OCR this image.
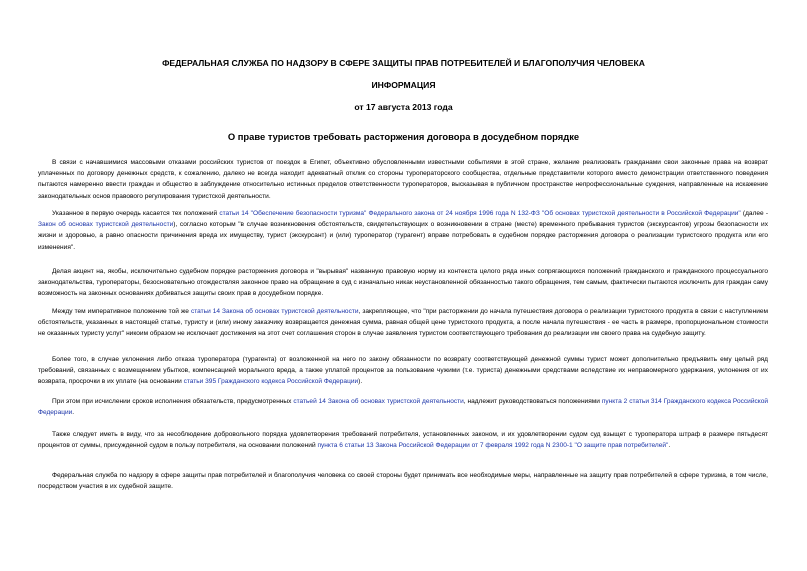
ФЕДЕРАЛЬНАЯ СЛУЖБА ПО НАДЗОРУ В СФЕРЕ ЗАЩИТЫ ПРАВ ПОТРЕБИТЕЛЕЙ И БЛАГОПОЛУЧИЯ ЧЕЛОВЕКА
ИНФОРМАЦИЯ
от 17 августа 2013 года
О праве туристов требовать расторжения договора в досудебном порядке

В связи с начавшимися массовыми отказами российских туристов от поездок в Египет, объективно обусловленными известными событиями в этой стране, желание реализовать гражданами свои законные права на возврат уплаченных по договору денежных средств, к сожалению, далеко не всегда находит адекватный отклик со стороны туроператорского сообщества, отдельные представители которого вместо демонстрации ответственного поведения пытаются намеренно ввести граждан и общество в заблуждение относительно истинных пределов ответственности туроператоров, высказывая в публичном пространстве непрофессиональные суждения, направленные на искажение законодательных основ правового регулирования туристской деятельности.

Указанное в первую очередь касается тех положений статьи 14 "Обеспечение безопасности туризма" Федерального закона от 24 ноября 1996 года N 132-ФЗ "Об основах туристской деятельности в Российской Федерации" (далее - Закон об основах туристской деятельности), согласно которым "в случае возникновения обстоятельств, свидетельствующих о возникновении в стране (месте) временного пребывания туристов (экскурсантов) угрозы безопасности их жизни и здоровью, а равно опасности причинения вреда их имуществу, турист (экскурсант) и (или) туроператор (турагент) вправе потребовать в судебном порядке расторжения договора о реализации туристского продукта или его изменения".

Делая акцент на, якобы, исключительно судебном порядке расторжения договора и "вырывая" названную правовую норму из контекста целого ряда иных сопрягающихся положений гражданского и гражданского процессуального законодательства, туроператоры, безосновательно отождествляя законное право на обращение в суд с изначально никак неустановленной обязанностью такого обращения, тем самым, фактически пытаются исключить для граждан саму возможность на законных основаниях добиваться защиты своих прав в досудебном порядке.

Между тем императивное положение той же статьи 14 Закона об основах туристской деятельности, закрепляющее, что "при расторжении до начала путешествия договора о реализации туристского продукта в связи с наступлением обстоятельств, указанных в настоящей статье, туристу и (или) иному заказчику возвращается денежная сумма, равная общей цене туристского продукта, а после начала путешествия - ее часть в размере, пропорциональном стоимости не оказанных туристу услуг" никоим образом не исключает достижения на этот счет соглашения сторон в случае заявления туристом соответствующего требования до реализации им своего права на судебную защиту.

Более того, в случае уклонения либо отказа туроператора (турагента) от возложенной на него по закону обязанности по возврату соответствующей денежной суммы турист может дополнительно предъявить ему целый ряд требований, связанных с возмещением убытков, компенсацией морального вреда, а также уплатой процентов за пользование чужими (т.е. туриста) денежными средствами вследствие их неправомерного удержания, уклонения от их возврата, просрочки в их уплате (на основании статьи 395 Гражданского кодекса Российской Федерации).

При этом при исчислении сроков исполнения обязательств, предусмотренных статьей 14 Закона об основах туристской деятельности, надлежит руководствоваться положениями пункта 2 статьи 314 Гражданского кодекса Российской Федерации.

Также следует иметь в виду, что за несоблюдение добровольного порядка удовлетворения требований потребителя, установленных законом, и их удовлетворении судом суд взыщет с туроператора штраф в размере пятьдесят процентов от суммы, присужденной судом в пользу потребителя, на основании положений пункта 6 статьи 13 Закона Российской Федерации от 7 февраля 1992 года N 2300-1 "О защите прав потребителей".

Федеральная служба по надзору в сфере защиты прав потребителей и благополучия человека со своей стороны будет принимать все необходимые меры, направленные на защиту прав потребителей в сфере туризма, в том числе, посредством участия в их судебной защите.
